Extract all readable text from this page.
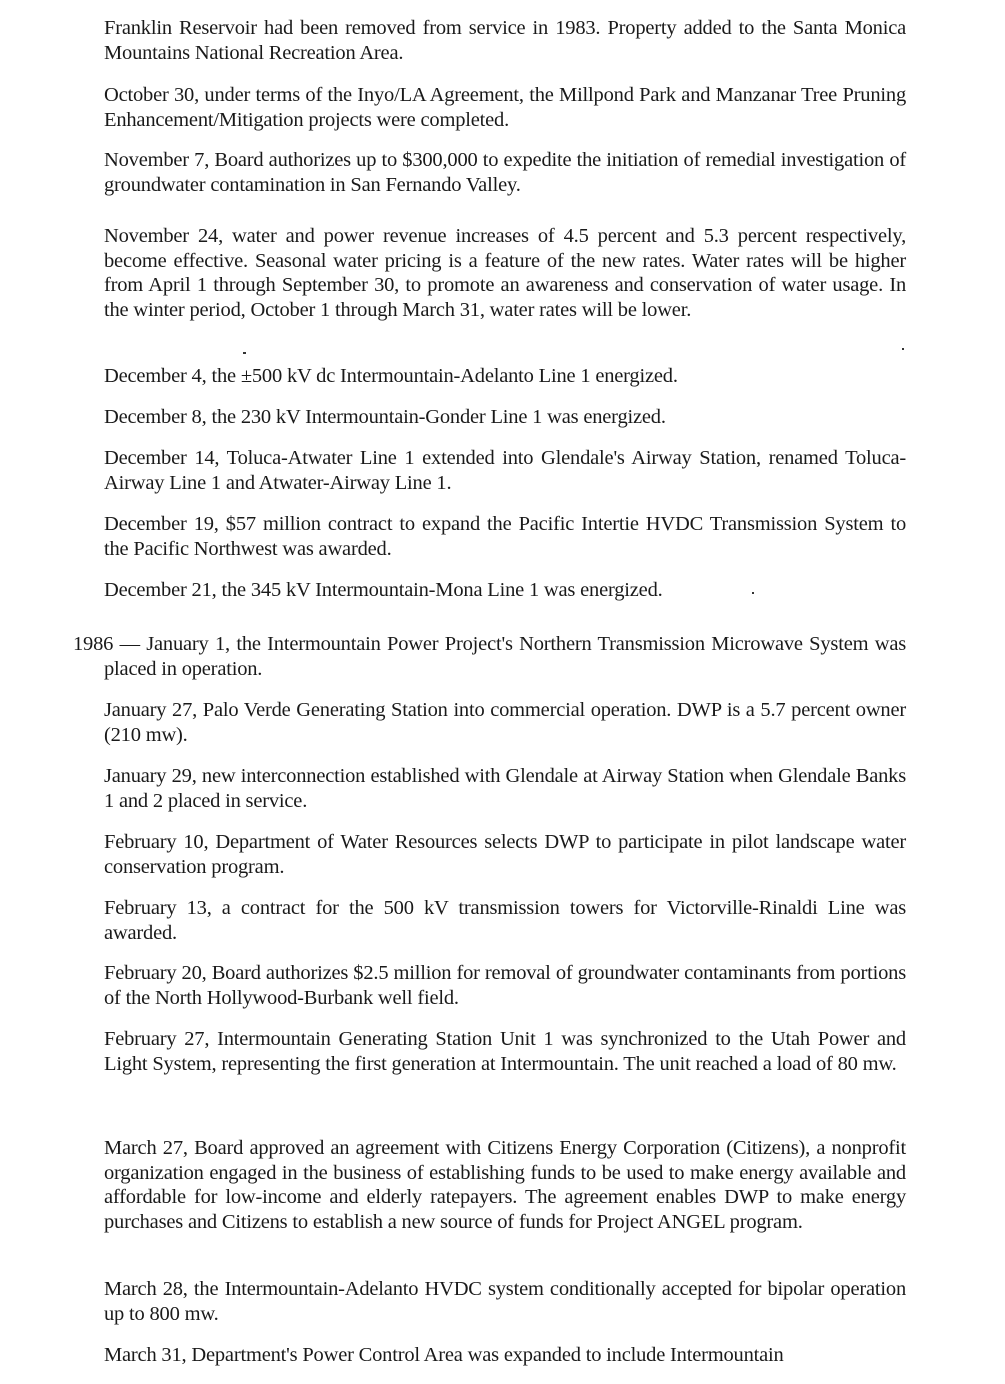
Franklin Reservoir had been removed from service in 1983. Property added to the Santa Monica Mountains National Recreation Area.

October 30, under terms of the Inyo/LA Agreement, the Millpond Park and Manzanar Tree Pruning Enhancement/Mitigation projects were completed.

November 7, Board authorizes up to $300,000 to expedite the initiation of remedial investigation of groundwater contamination in San Fernando Valley.

November 24, water and power revenue increases of 4.5 percent and 5.3 percent respectively, become effective. Seasonal water pricing is a feature of the new rates. Water rates will be higher from April 1 through September 30, to promote an awareness and conservation of water usage. In the winter period, October 1 through March 31, water rates will be lower.

December 4, the ±500 kV dc Intermountain-Adelanto Line 1 energized.

December 8, the 230 kV Intermountain-Gonder Line 1 was energized.

December 14, Toluca-Atwater Line 1 extended into Glendale's Airway Station, renamed Toluca-Airway Line 1 and Atwater-Airway Line 1.

December 19, $57 million contract to expand the Pacific Intertie HVDC Transmission System to the Pacific Northwest was awarded.

December 21, the 345 kV Intermountain-Mona Line 1 was energized.

1986 — January 1, the Intermountain Power Project's Northern Transmission Microwave System was placed in operation.

January 27, Palo Verde Generating Station into commercial operation. DWP is a 5.7 percent owner (210 mw).

January 29, new interconnection established with Glendale at Airway Station when Glendale Banks 1 and 2 placed in service.

February 10, Department of Water Resources selects DWP to participate in pilot landscape water conservation program.

February 13, a contract for the 500 kV transmission towers for Victorville-Rinaldi Line was awarded.

February 20, Board authorizes $2.5 million for removal of groundwater contaminants from portions of the North Hollywood-Burbank well field.

February 27, Intermountain Generating Station Unit 1 was synchronized to the Utah Power and Light System, representing the first generation at Intermountain. The unit reached a load of 80 mw.

March 27, Board approved an agreement with Citizens Energy Corporation (Citizens), a nonprofit organization engaged in the business of establishing funds to be used to make energy available and affordable for low-income and elderly ratepayers. The agreement enables DWP to make energy purchases and Citizens to establish a new source of funds for Project ANGEL program.

March 28, the Intermountain-Adelanto HVDC system conditionally accepted for bipolar operation up to 800 mw.

March 31, Department's Power Control Area was expanded to include Intermountain
